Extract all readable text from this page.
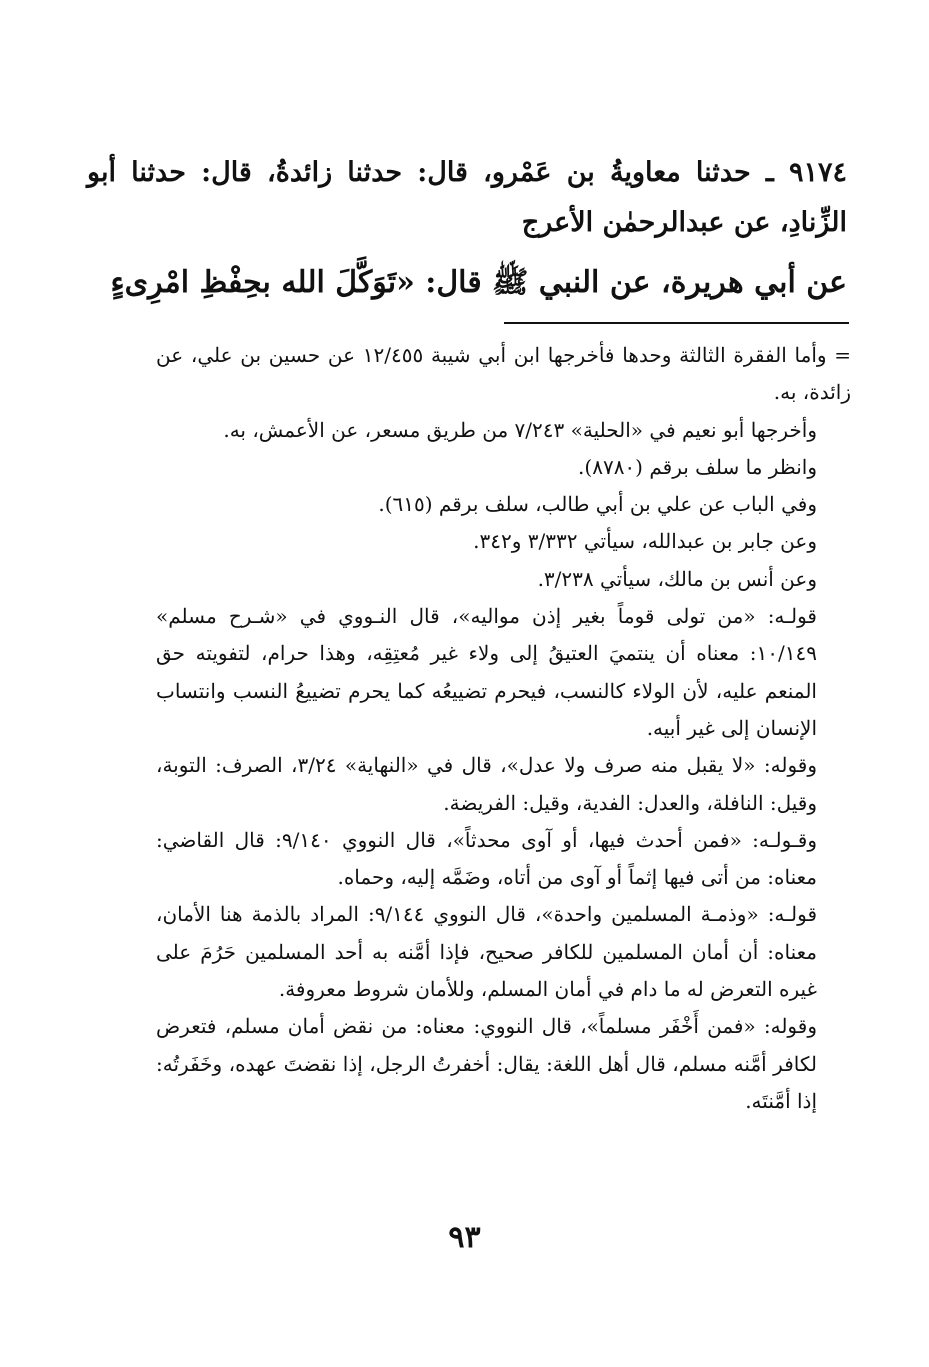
٩١٧٤ ـ حدثنا معاويةُ بن عَمْرو، قال: حدثنا زائدةُ، قال: حدثنا أبو الزِّنادِ، عن عبدالرحمٰن الأعرج

عن أبي هريرة، عن النبي ﷺ قال: «تَوَكَّلَ الله بحِفْظِ امْرِىءٍ

= وأما الفقرة الثالثة وحدها فأخرجها ابن أبي شيبة ١٢/٤٥٥ عن حسين بن علي، عن زائدة، به.

وأخرجها أبو نعيم في «الحلية» ٧/٢٤٣ من طريق مسعر، عن الأعمش، به.

وانظر ما سلف برقم (٨٧٨٠).

وفي الباب عن علي بن أبي طالب، سلف برقم (٦١٥).

وعن جابر بن عبدالله، سيأتي ٣/٣٣٢ و٣٤٢.

وعن أنس بن مالك، سيأتي ٣/٢٣٨.

قولـه: «من تولى قوماً بغير إذن مواليه»، قال النـووي في «شـرح مسلم» ١٠/١٤٩: معناه أن ينتميَ العتيقُ إلى ولاء غير مُعتِقِه، وهذا حرام، لتفويته حق المنعم عليه، لأن الولاء كالنسب، فيحرم تضييعُه كما يحرم تضييعُ النسب وانتساب الإنسان إلى غير أبيه.

وقوله: «لا يقبل منه صرف ولا عدل»، قال في «النهاية» ٣/٢٤، الصرف: التوبة، وقيل: النافلة، والعدل: الفدية، وقيل: الفريضة.

وقـولـه: «فمن أحدث فيها، أو آوى محدثاً»، قال النووي ٩/١٤٠: قال القاضي: معناه: من أتى فيها إثماً أو آوى من أتاه، وضَمَّه إليه، وحماه.

قولـه: «وذمـة المسلمين واحدة»، قال النووي ٩/١٤٤: المراد بالذمة هنا الأمان، معناه: أن أمان المسلمين للكافر صحيح، فإذا أمَّنه به أحد المسلمين حَرُمَ على غيره التعرض له ما دام في أمان المسلم، وللأمان شروط معروفة.

وقوله: «فمن أَخْفَر مسلماً»، قال النووي: معناه: من نقض أمان مسلم، فتعرض لكافر أمَّنه مسلم، قال أهل اللغة: يقال: أخفرتُ الرجل، إذا نقضتَ عهده، وخَفَرتُه: إذا أمَّنتَه.

٩٣
